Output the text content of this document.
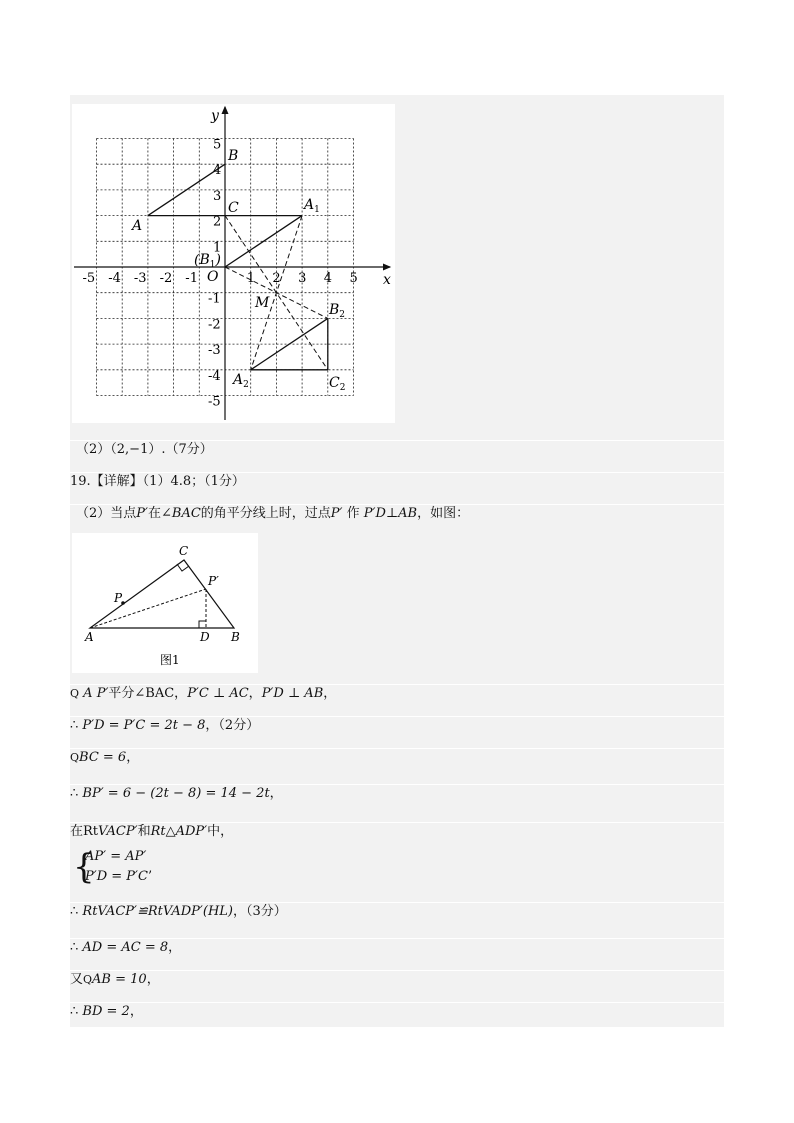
-5 -4 -3 -2 -1	1 2 3 4 5
5
4
3
2
1
-1
-2
-3
-4
-5
x
y
O
A
B
C
$(B_1)$
$A_1$
M	$B_2$
$A_2$	$C_2$
（2）（2,−1）.（7分）
19.【详解】（1）4.8；（1分）
（2）当点P′在∠BAC的角平分线上时，过点P′ 作 P′D⊥AB，如图：
A	B
C
D
P
P′
图1
Q A P′平分∠BAC，P′C ⊥ AC，P′D ⊥ AB，
∴ P′D = P′C = 2t − 8，（2分）
QBC = 6，
∴ BP′ = 6 − (2t − 8) = 14 − 2t，
在RtVACP′和Rt△ADP′中，
{
AP′ = AP′
P′D = P′C’
∴ RtVACP′≌RtVADP′(HL)，（3分）
∴ AD = AC = 8，
又QAB = 10，
∴ BD = 2，
